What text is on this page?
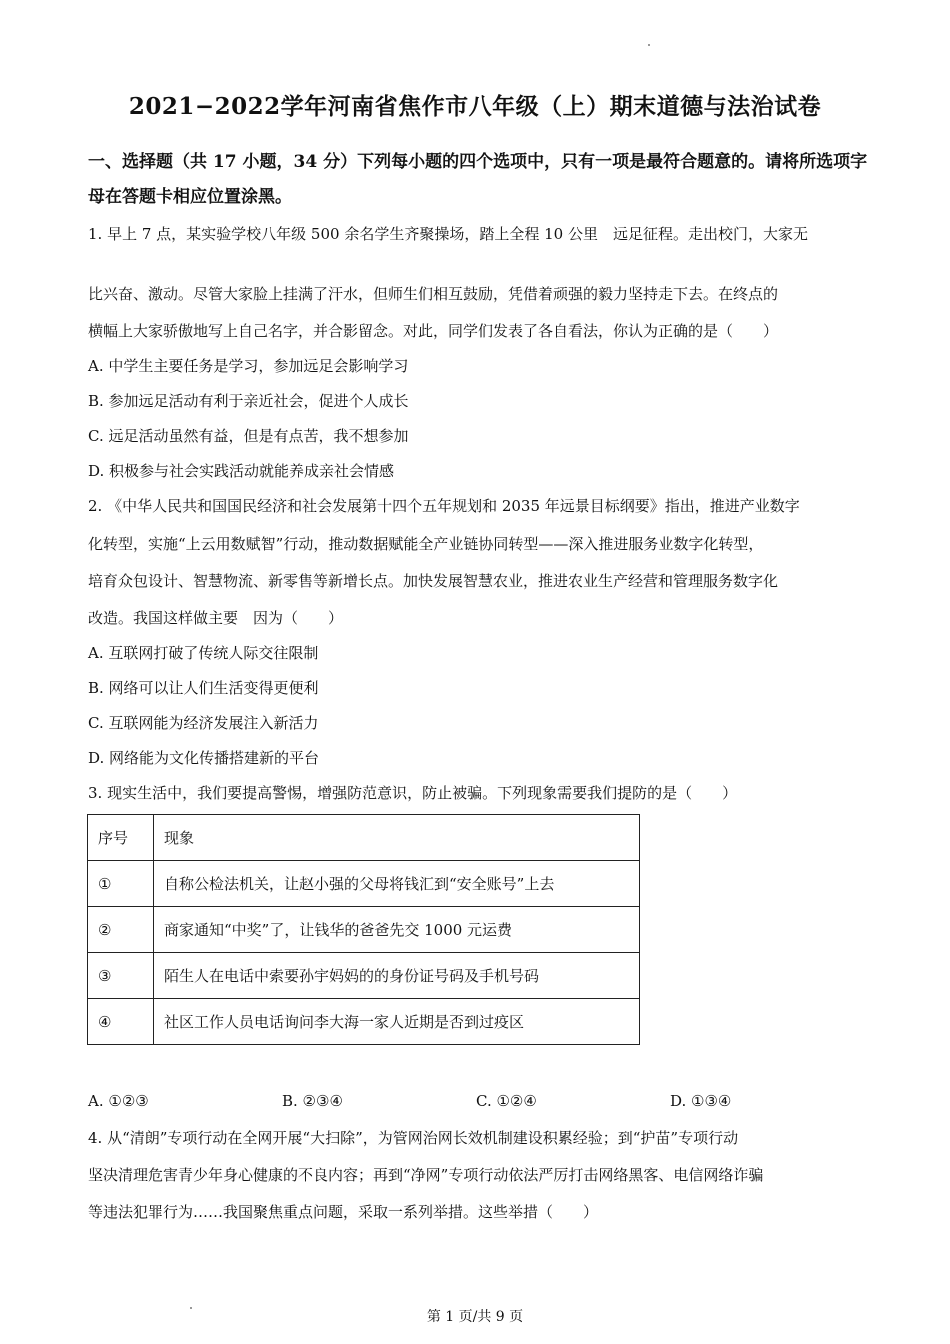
2021−2022学年河南省焦作市八年级（上）期末道德与法治试卷
一、选择题（共 17 小题，34 分）下列每小题的四个选项中，只有一项是最符合题意的。请将所选项字母在答题卡相应位置涂黑。
1. 早上 7 点，某实验学校八年级 500 余名学生齐聚操场，踏上全程 10 公里　远足征程。走出校门，大家无
比兴奋、激动。尽管大家脸上挂满了汗水，但师生们相互鼓励，凭借着顽强的毅力坚持走下去。在终点的
横幅上大家骄傲地写上自己名字，并合影留念。对此，同学们发表了各自看法，你认为正确的是（　　）
A. 中学生主要任务是学习，参加远足会影响学习
B. 参加远足活动有利于亲近社会，促进个人成长
C. 远足活动虽然有益，但是有点苦，我不想参加
D. 积极参与社会实践活动就能养成亲社会情感
2. 《中华人民共和国国民经济和社会发展第十四个五年规划和 2035 年远景目标纲要》指出，推进产业数字
化转型，实施“上云用数赋智”行动，推动数据赋能全产业链协同转型——深入推进服务业数字化转型，
培育众包设计、智慧物流、新零售等新增长点。加快发展智慧农业，推进农业生产经营和管理服务数字化
改造。我国这样做主要　因为（　　）
A. 互联网打破了传统人际交往限制
B. 网络可以让人们生活变得更便利
C. 互联网能为经济发展注入新活力
D. 网络能为文化传播搭建新的平台
3. 现实生活中，我们要提高警惕，增强防范意识，防止被骗。下列现象需要我们提防的是（　　）
序号	现象
①	自称公检法机关，让赵小强的父母将钱汇到“安全账号”上去
②	商家通知“中奖”了，让钱华的爸爸先交 1000 元运费
③	陌生人在电话中索要孙宇妈妈的的身份证号码及手机号码
④	社区工作人员电话询问李大海一家人近期是否到过疫区
A. ①②③	B. ②③④	C. ①②④	D. ①③④
4. 从“清朗”专项行动在全网开展“大扫除”，为管网治网长效机制建设积累经验；到“护苗”专项行动
坚决清理危害青少年身心健康的不良内容；再到“净网”专项行动依法严厉打击网络黑客、电信网络诈骗
等违法犯罪行为……我国聚焦重点问题，采取一系列举措。这些举措（　　）
第 1 页/共 9 页
